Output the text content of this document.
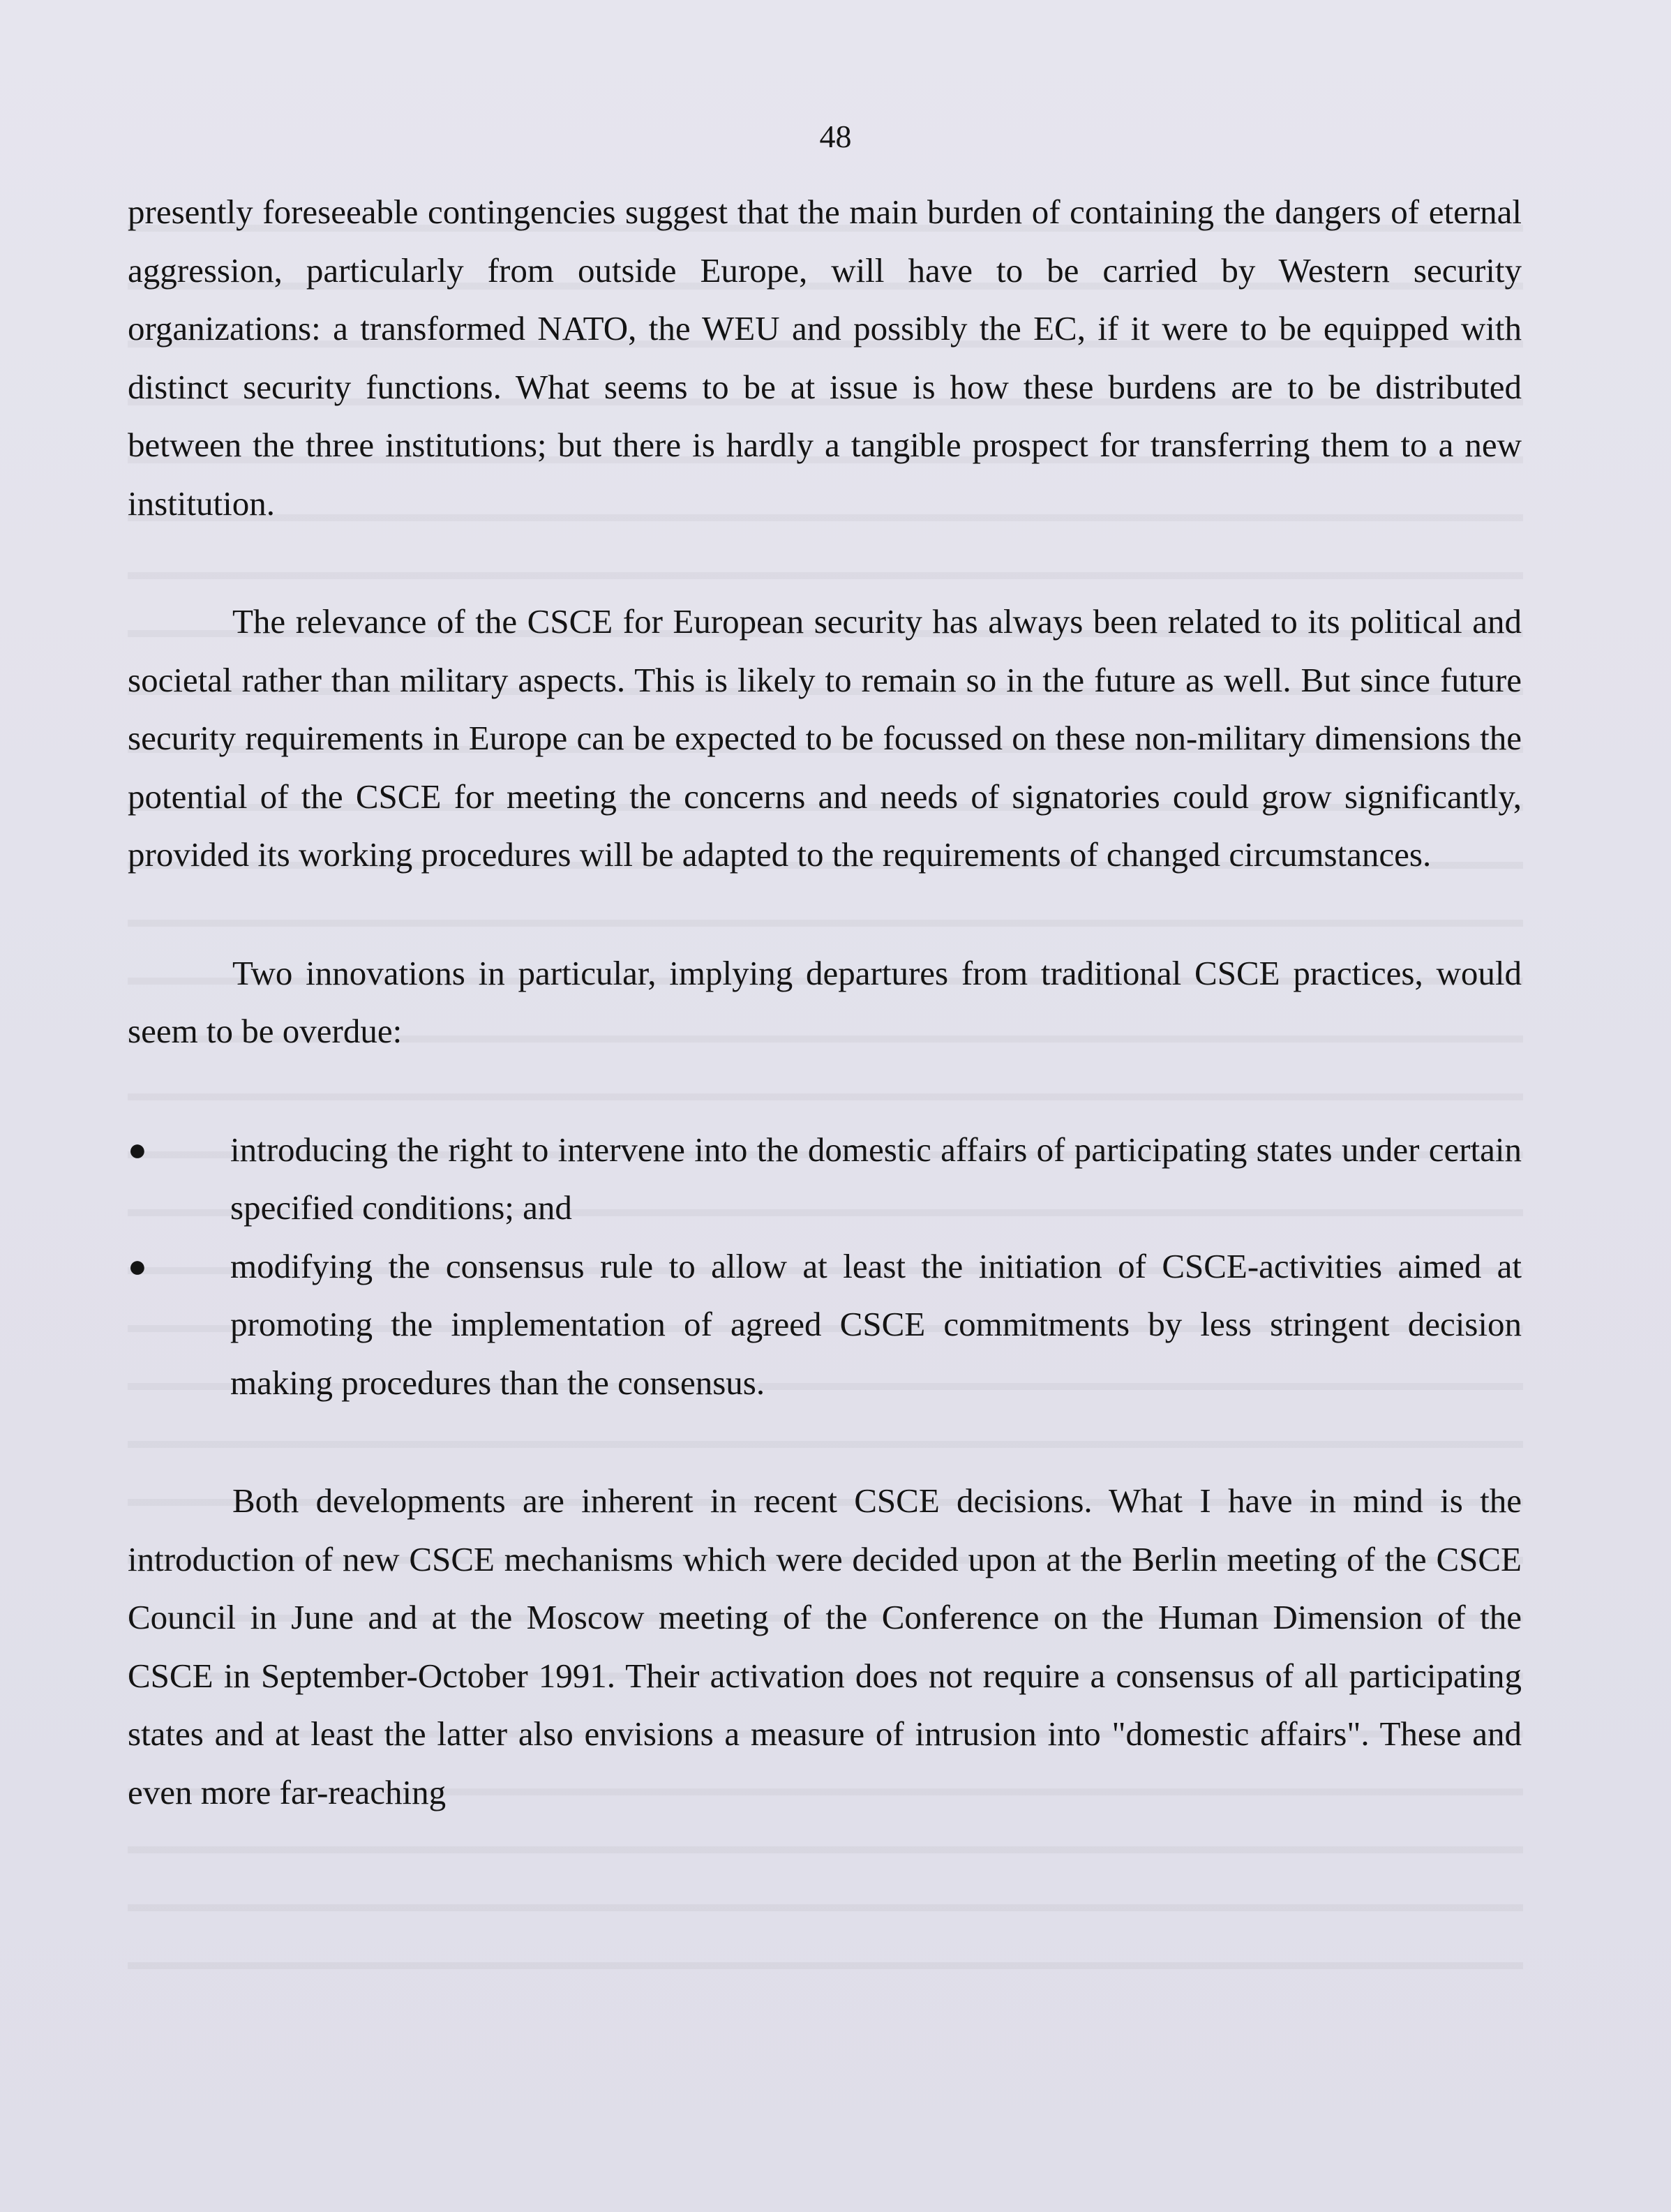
48

presently foreseeable contingencies suggest that the main burden of containing the dangers of eternal aggression, particularly from outside Europe, will have to be carried by Western security organizations: a transformed NATO, the WEU and possibly the EC, if it were to be equipped with distinct security functions. What seems to be at issue is how these burdens are to be distributed between the three institutions; but there is hardly a tangible prospect for transferring them to a new institution.

The relevance of the CSCE for European security has always been related to its political and societal rather than military aspects. This is likely to remain so in the future as well. But since future security requirements in Europe can be expected to be focussed on these non-military dimensions the potential of the CSCE for meeting the concerns and needs of signatories could grow significantly, provided its working procedures will be adapted to the requirements of changed circumstances.

Two innovations in particular, implying departures from traditional CSCE practices, would seem to be overdue:

● introducing the right to intervene into the domestic affairs of participating states under certain specified conditions; and
● modifying the consensus rule to allow at least the initiation of CSCE-activities aimed at promoting the implementation of agreed CSCE commitments by less stringent decision making procedures than the consensus.

Both developments are inherent in recent CSCE decisions. What I have in mind is the introduction of new CSCE mechanisms which were decided upon at the Berlin meeting of the CSCE Council in June and at the Moscow meeting of the Conference on the Human Dimension of the CSCE in September-October 1991. Their activation does not require a consensus of all participating states and at least the latter also envisions a measure of intrusion into "domestic affairs". These and even more far-reaching
